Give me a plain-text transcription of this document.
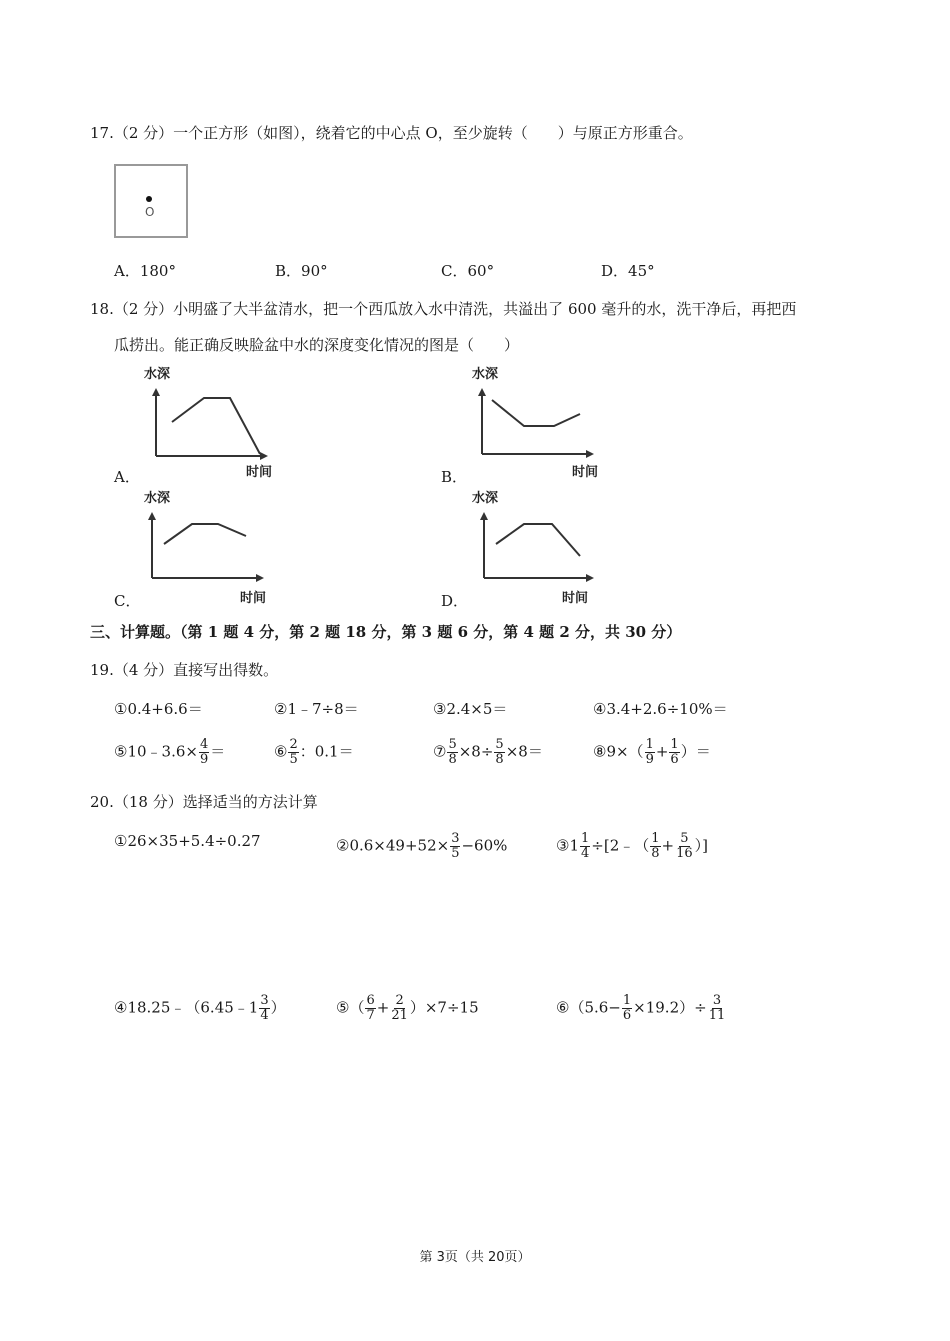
17.（2 分）一个正方形（如图），绕着它的中心点 O，至少旋转（　　）与原正方形重合。
O
A．180°	B．90°	C．60°	D．45°
18.（2 分）小明盛了大半盆清水，把一个西瓜放入水中清洗，共溢出了 600 毫升的水，洗干净后，再把西
瓜捞出。能正确反映脸盆中水的深度变化情况的图是（　　）
水深
时间
A．
水深
时间
B．
水深
时间
C．
水深
时间
D．
三、计算题。（第 1 题 4 分，第 2 题 18 分，第 3 题 6 分，第 4 题 2 分，共 30 分）
19.（4 分）直接写出得数。
①0.4+6.6＝	②1﹣7÷8＝	③2.4×5＝	④3.4+2.6÷10%＝
⑤10﹣3.6× $\frac{4}{9}$ ＝	⑥ $\frac{2}{5}$ ：0.1＝	⑦ $\frac{5}{8} \times 8\div \frac{5}{8} \times 8=$	⑧9×（ $\frac{1}{9} + \frac{1}{6}$ ）＝
20.（18 分）选择适当的方法计算
①26×35+5.4÷0.27	②0.6×49+52× $\frac{3}{5} -60\%$	③1 $\frac{1}{4}$ ÷[2﹣（ $\frac{1}{8} + \frac{5}{16}$ ）]
④18.25﹣（6.45﹣1 $\frac{3}{4}$ ）	⑤（ $\frac{6}{7} + \frac{2}{21} )\times 7\div 15$	⑥（5.6− $\frac{1}{6} \times 19.2)\div \frac{3}{11}$
第 3页（共 20页）
